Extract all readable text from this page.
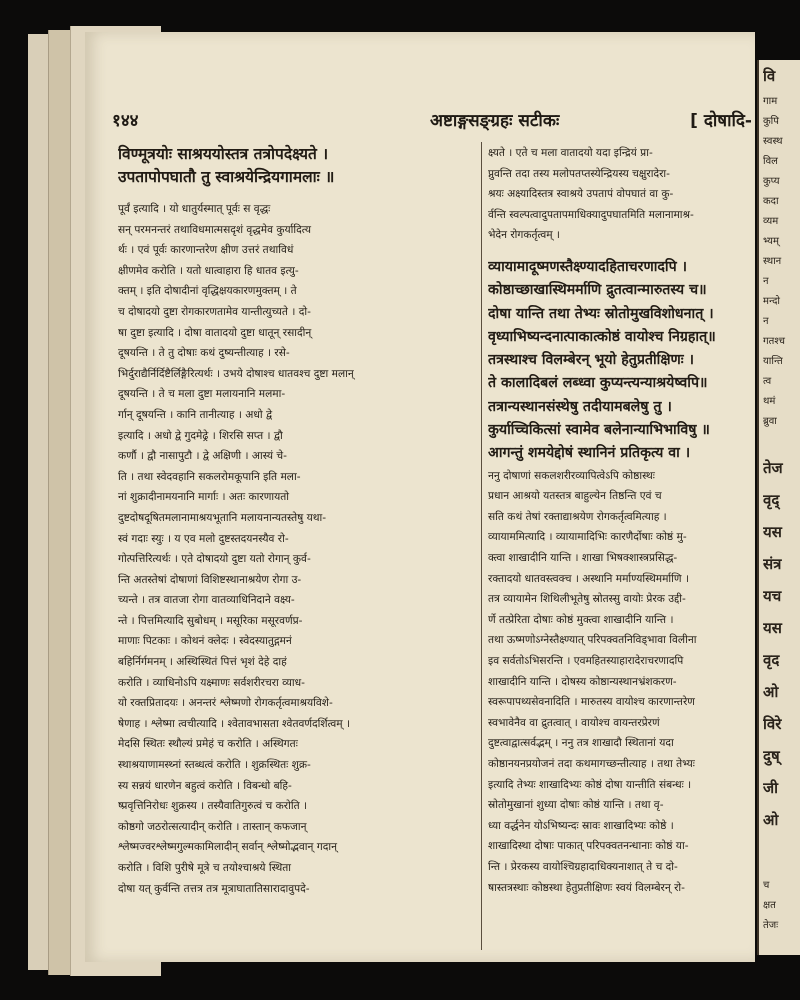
वि
गाम
कुपि
स्वस्थ
विल
कुप्य
कदा
व्यम
भ्यम्
स्थान
न
मन्दो
न
गतश्च
यान्ति
त्व
थमं
ब्रुवा
तेज
वृद्
यस
संत्र
यच
यस
वृद
ओ
विरे
दुष्
जी
ओ
च
क्षत
तेजः
१४४	अष्टाङ्गसङ्ग्रहः सटीकः	[ दोषादि-
विण्मूत्रयोः साश्रययोस्तत्र तत्रोपदेक्ष्यते ।
उपतापोपघातौ तु स्वाश्रयेन्द्रियगामलाः ॥
पूर्वं इत्यादि । यो धातुर्यस्मात् पूर्वः स वृद्धः
सन् परमनन्तरं तथाविधमात्मसदृशं वृद्धमेव कुर्यादित्य
र्थः । एवं पूर्वः कारणान्तरेण क्षीण उत्तरं तथाविधं
क्षीणमेव करोति । यतो धात्वाहारा हि धातव इत्यु-
क्तम् । इति दोषादीनां वृद्धिक्षयकारणमुक्तम् । ते
च दोषादयो दुष्टा रोगकारणतामेव यान्तीत्युच्यते । दो-
षा दुष्टा इत्यादि । दोषा वातादयो दुष्टा धातून् रसादीन्
दूषयन्ति । ते तु दोषाः कथं दुष्यन्तीत्याह । रसे-
भिर्दुराद्यैर्निर्दिष्टैर्लिङ्गैरित्यर्थः । उभये दोषाश्च धातवश्च दुष्टा मलान्
दूषयन्ति । ते च मला दुष्टा मलायनानि मलमा-
र्गान् दूषयन्ति । कानि तानीत्याह । अधो द्वे
इत्यादि । अधो द्वे गुदमेढ्रे । शिरसि सप्त । द्वौ
कर्णौ । द्वौ नासापुटौ । द्वे अक्षिणी । आस्यं चे-
ति । तथा स्वेदवहानि सकलरोमकूपानि इति मला-
नां शुक्रादीनामयनानि मार्गाः । अतः कारणायतो
दुष्टदोषदूषितमलानामाश्रयभूतानि मलायनान्यतस्तेषु यथा-
स्वं गदाः स्युः । य एव मलो दुष्टस्तदयनस्यैव रो-
गोत्पत्तिरित्यर्थः । एते दोषादयो दुष्टा यतो रोगान् कुर्व-
न्ति अतस्तेषां दोषाणां विशिष्टस्थानाश्रयेण रोगा उ-
च्यन्ते । तत्र वातजा रोगा वातव्याधिनिदाने वक्ष्य-
न्ते । पित्तमित्यादि सुबोधम् । मसूरिका मसूरवर्णप्र-
माणाः पिटकाः । कोथनं क्लेदः । स्वेदस्यातुद्गमनं
बहिर्निर्गमनम् । अस्थिस्थितं पित्तं भृशं देहे दाहं
करोति । व्याधिनोऽपि यक्ष्माणः सर्वशरीरचरा व्याध-
यो रक्तप्रितादयः । अनन्तरं श्लेष्मणो रोगकर्तृत्वमाश्रयविशे-
षेणाह । श्लेष्मा त्वचीत्यादि । श्वेतावभासता श्वेतवर्णदर्शित्वम् ।
मेदसि स्थितः स्थौल्यं प्रमेहं च करोति । अस्थिगतः
स्थाश्रयाणामस्थ्नां स्तब्धत्वं करोति । शुक्रस्थितः शुक्र-
स्य सन्नयं धारणेन बहुत्वं करोति । विबन्धो बहि-
ष्प्रवृत्तिनिरोधः शुक्रस्य । तस्यैवातिगुरुत्वं च करोति ।
कोष्ठगो जठरोत्सत्यादीन् करोति । तास्तान् कफजान्
श्लेष्मज्वरश्लेष्मगुल्मकामिलादीन् सर्वान् श्लेष्मोद्भवान् गदान्
करोति । विशि पुरीषे मूत्रे च तयोश्चाश्रये स्थिता
दोषा यत् कुर्वन्ति तत्तत्र तत्र मूत्राघातातिसारादावुपदे-
क्ष्यते । एते च मला वातादयो यदा इन्द्रियं प्रा-
प्नुवन्ति तदा तस्य मलोपतप्तस्येन्द्रियस्य चक्षुरादेरा-
श्रयः अक्ष्यादिस्तत्र स्वाश्रये उपतापं वोपघातं वा कु-
र्वन्ति स्वल्पत्वादुपतापमाधिक्यादुपघातमिति मलानामाश्र-
भेदेन रोगकर्तृत्वम् ।
व्यायामादूष्मणस्तैक्ष्ण्यादहिताचरणादपि ।
कोष्ठाच्छाखास्थिमर्माणि द्रुतत्वान्मारुतस्य च॥
दोषा यान्ति तथा तेभ्यः स्रोतोमुखविशोधनात् ।
वृध्याभिष्यन्दनात्पाकात्कोष्ठं वायोश्च निग्रहात्॥
तत्रस्थाश्च विलम्बेरन् भूयो हेतुप्रतीक्षिणः ।
ते कालादिबलं लब्ध्वा कुप्यन्त्यन्याश्रयेष्वपि॥
तत्रान्यस्थानसंस्थेषु तदीयामबलेषु तु ।
कुर्याच्चिकित्सां स्वामेव बलेनान्याभिभाविषु ॥
आगन्तुं शमयेद्दोषं स्थानिनं प्रतिकृत्य वा ।
ननु दोषाणां सकलशरीरव्यापित्वेऽपि कोष्ठास्थः
प्रधान आश्रयो यतस्तत्र बाहुल्येन तिष्ठन्ति एवं च
सति कथं तेषां रक्ताद्याश्रयेण रोगकर्तृत्वमित्याह ।
व्यायाममित्यादि । व्यायामादिभिः कारणैर्दोषाः कोष्ठं मु-
क्त्वा शाखादीनि यान्ति । शाखा भिषक्शास्त्रप्रसिद्ध-
रक्तादयो धातवस्त्वक्च । अस्थानि मर्माण्यस्थिमर्माणि ।
तत्र व्यायामेन शिथिलीभूतेषु स्रोतस्सु वायोः प्रेरक उद्दी-
र्णे तत्प्रेरिता दोषाः कोष्ठं मुक्त्वा शाखादीनि यान्ति ।
तथा ऊष्मणोऽग्नेस्तैक्ष्ण्यात् परिपक्वतनिविड्भावा विलीना
इव सर्वतोऽभिसरन्ति । एवमहितस्याहारादेराचरणादपि
शाखादीनि यान्ति । दोषस्य कोष्ठान्यस्थानभ्रंशकरण-
स्वरूपापथ्यसेवनादिति । मारुतस्य वायोश्च कारणान्तरेण
स्वभावेनैव वा द्रुतत्वात् । वायोश्च वायन्तरप्रेरणं
दुष्टत्वाद्वात्सर्वद्भम् । ननु तत्र शाखादौ स्थितानां यदा
कोष्ठानयनप्रयोजनं तदा कथमागच्छन्तीत्याह । तथा तेभ्यः
इत्यादि तेभ्यः शाखादिभ्यः कोष्ठं दोषा यान्तीति संबन्धः ।
स्रोतोमुखानां शुध्या दोषाः कोष्ठं यान्ति । तथा वृ-
ध्या वर्द्धनेन योऽभिष्यन्दः स्रावः शाखादिभ्यः कोष्ठे ।
शाखादिस्था दोषाः पाकात् परिपक्वतनन्धानाः कोष्ठं या-
न्ति । प्रेरकस्य वायोश्चिग्रहादाधिक्यनाशात् ते च दो-
षास्तत्रस्थाः कोष्ठस्था हेतुप्रतीक्षिणः स्वयं विलम्बेरन् रो-
